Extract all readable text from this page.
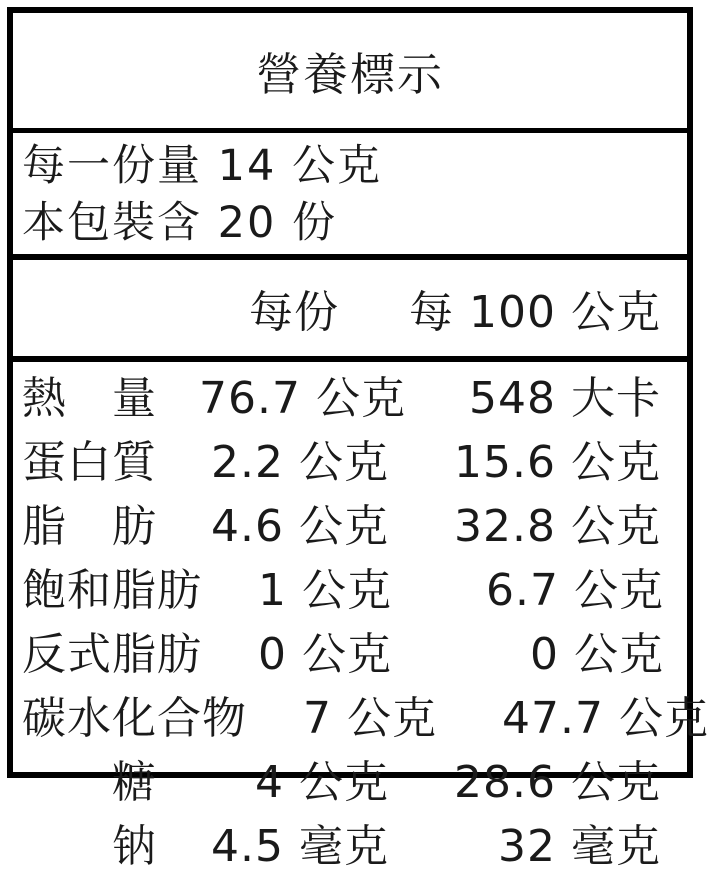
營養標示
每一份量 14 公克
本包裝含 20 份
每份	每 100 公克
熱　量 76.7 公克	548 大卡
蛋白質	2.2 公克	15.6 公克
脂　肪	4.6 公克	32.8 公克
飽和脂肪	1 公克	6.7 公克
反式脂肪	0 公克	0 公克
碳水化合物	7 公克	47.7 公克
　　糖	4 公克	28.6 公克
　　钠	4.5 毫克	32 毫克
